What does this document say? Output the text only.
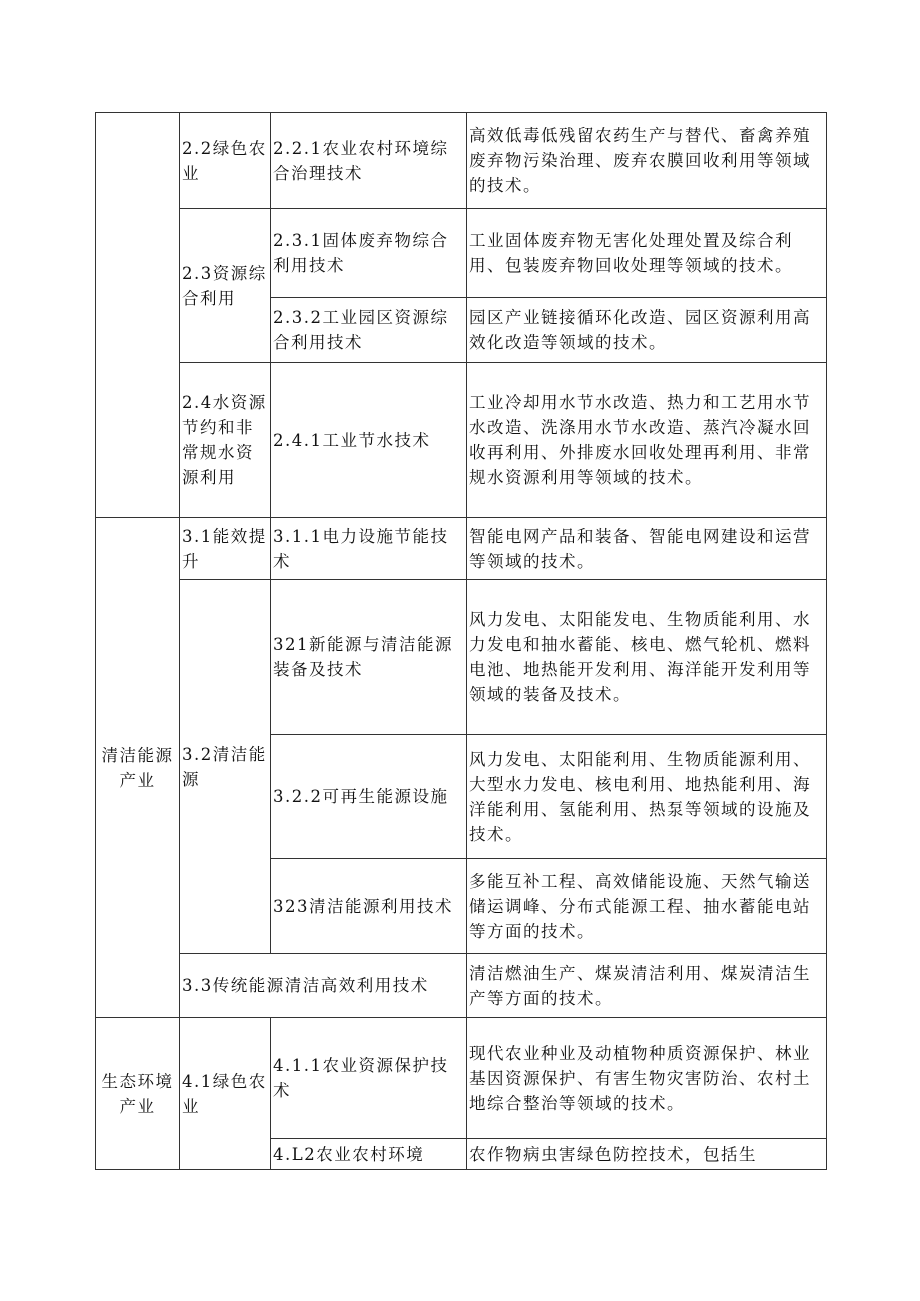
	2.2绿色农业	2.2.1农业农村环境综合治理技术	高效低毒低残留农药生产与替代、畜禽养殖废弃物污染治理、废弃农膜回收利用等领域的技术。

	2.3资源综合利用	2.3.1固体废弃物综合利用技术	工业固体废弃物无害化处理处置及综合利用、包装废弃物回收处理等领域的技术。

		2.3.2工业园区资源综合利用技术	园区产业链接循环化改造、园区资源利用高效化改造等领域的技术。

	2.4水资源节约和非常规水资源利用	2.4.1工业节水技术	工业冷却用水节水改造、热力和工艺用水节水改造、洗涤用水节水改造、蒸汽冷凝水回收再利用、外排废水回收处理再利用、非常规水资源利用等领域的技术。

清洁能源产业	3.1能效提升	3.1.1电力设施节能技术	智能电网产品和装备、智能电网建设和运营等领域的技术。

	3.2清洁能源	321新能源与清洁能源装备及技术	风力发电、太阳能发电、生物质能利用、水力发电和抽水蓄能、核电、燃气轮机、燃料电池、地热能开发利用、海洋能开发利用等领域的装备及技术。

		3.2.2可再生能源设施	风力发电、太阳能利用、生物质能源利用、大型水力发电、核电利用、地热能利用、海洋能利用、氢能利用、热泵等领域的设施及技术。

		323清洁能源利用技术	多能互补工程、高效储能设施、天然气输送储运调峰、分布式能源工程、抽水蓄能电站等方面的技术。

	3.3传统能源清洁高效利用技术		清洁燃油生产、煤炭清洁利用、煤炭清洁生产等方面的技术。

生态环境产业	4.1绿色农业	4.1.1农业资源保护技术	现代农业种业及动植物种质资源保护、林业基因资源保护、有害生物灾害防治、农村土地综合整治等领域的技术。

		4.L2农业农村环境	农作物病虫害绿色防控技术，包括生
